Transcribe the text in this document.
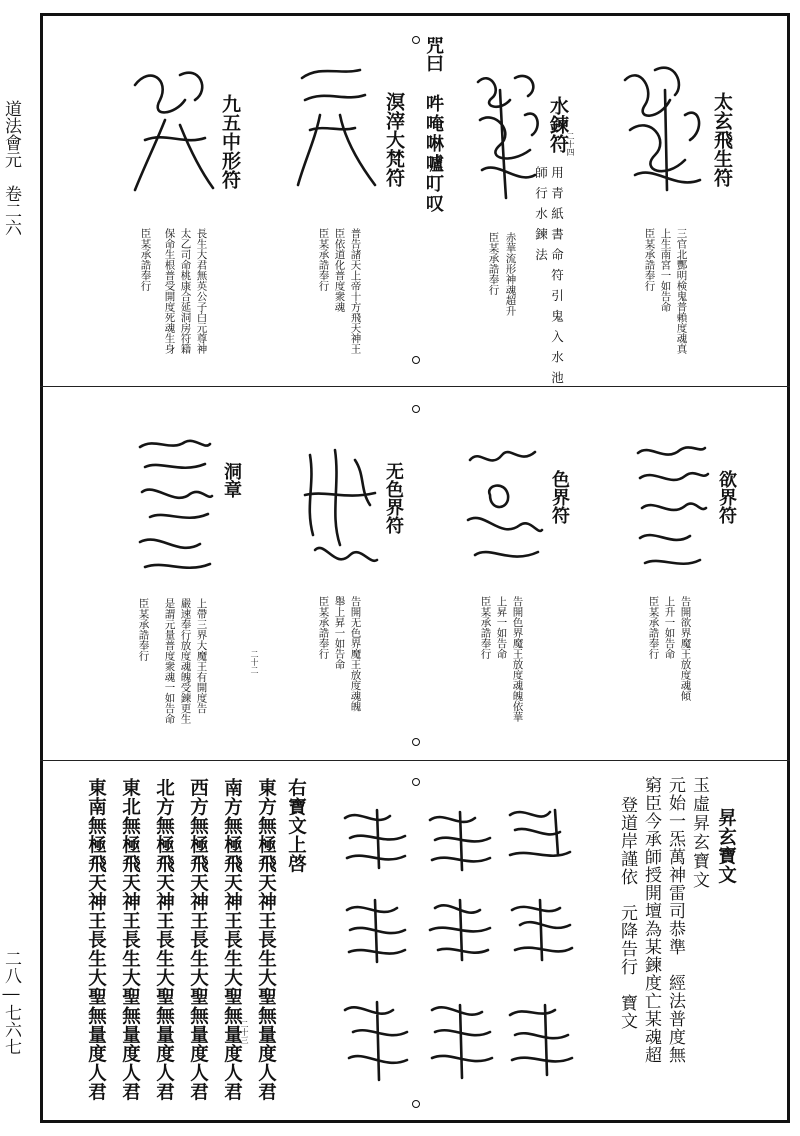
道法會元　卷二六
二八―七六七
太玄飛生符
三官北酆明検鬼普賴度魂真
上生南宮一如告命
臣某承誥奉行
水鍊符
二十四
用青紙書命符引鬼入水池
師行水鍊法
赤華流形神魂超升
臣某承誥奉行
咒曰
吽唵啉嚧叮叹
溟滓大梵符
普告諸天上帝十方飛天神王
臣依道化普度衆魂
臣某承誥奉行
九五中形符
長生大君無英公子白元尊神
太乙司命桃康合延洞房符籍
保命生根普受開度死魂生身
臣某承誥奉行
欲界符
告開欲界魔王放度魂傾
上升一如告命
臣某承誥奉行
色界符
告開色界魔王放度魂魄依華
上昇一如告命
臣某承誥奉行
无色界符
告開无色界魔王放度魂魄
舉上昇一如告命
臣某承誥奉行
洞章
上帶三界大魔王有開度告
嚴速奉行放度魂魄受鍊更生
是謂元量普度衆魂一如告命
臣某承誥奉行
二十二
昇玄寶文
玉虛昇玄寶文
元始一炁萬神雷司恭準　經法普度無
窮臣今承師授開壇為某鍊度亡某魂超
登道岸謹依　元降告行　寶文
右寶文上啓
二十三 東方無極飛天神王長生大聖無量度人君
南方無極飛天神王長生大聖無量度人君
西方無極飛天神王長生大聖無量度人君
北方無極飛天神王長生大聖無量度人君
東北無極飛天神王長生大聖無量度人君
東南無極飛天神王長生大聖無量度人君
